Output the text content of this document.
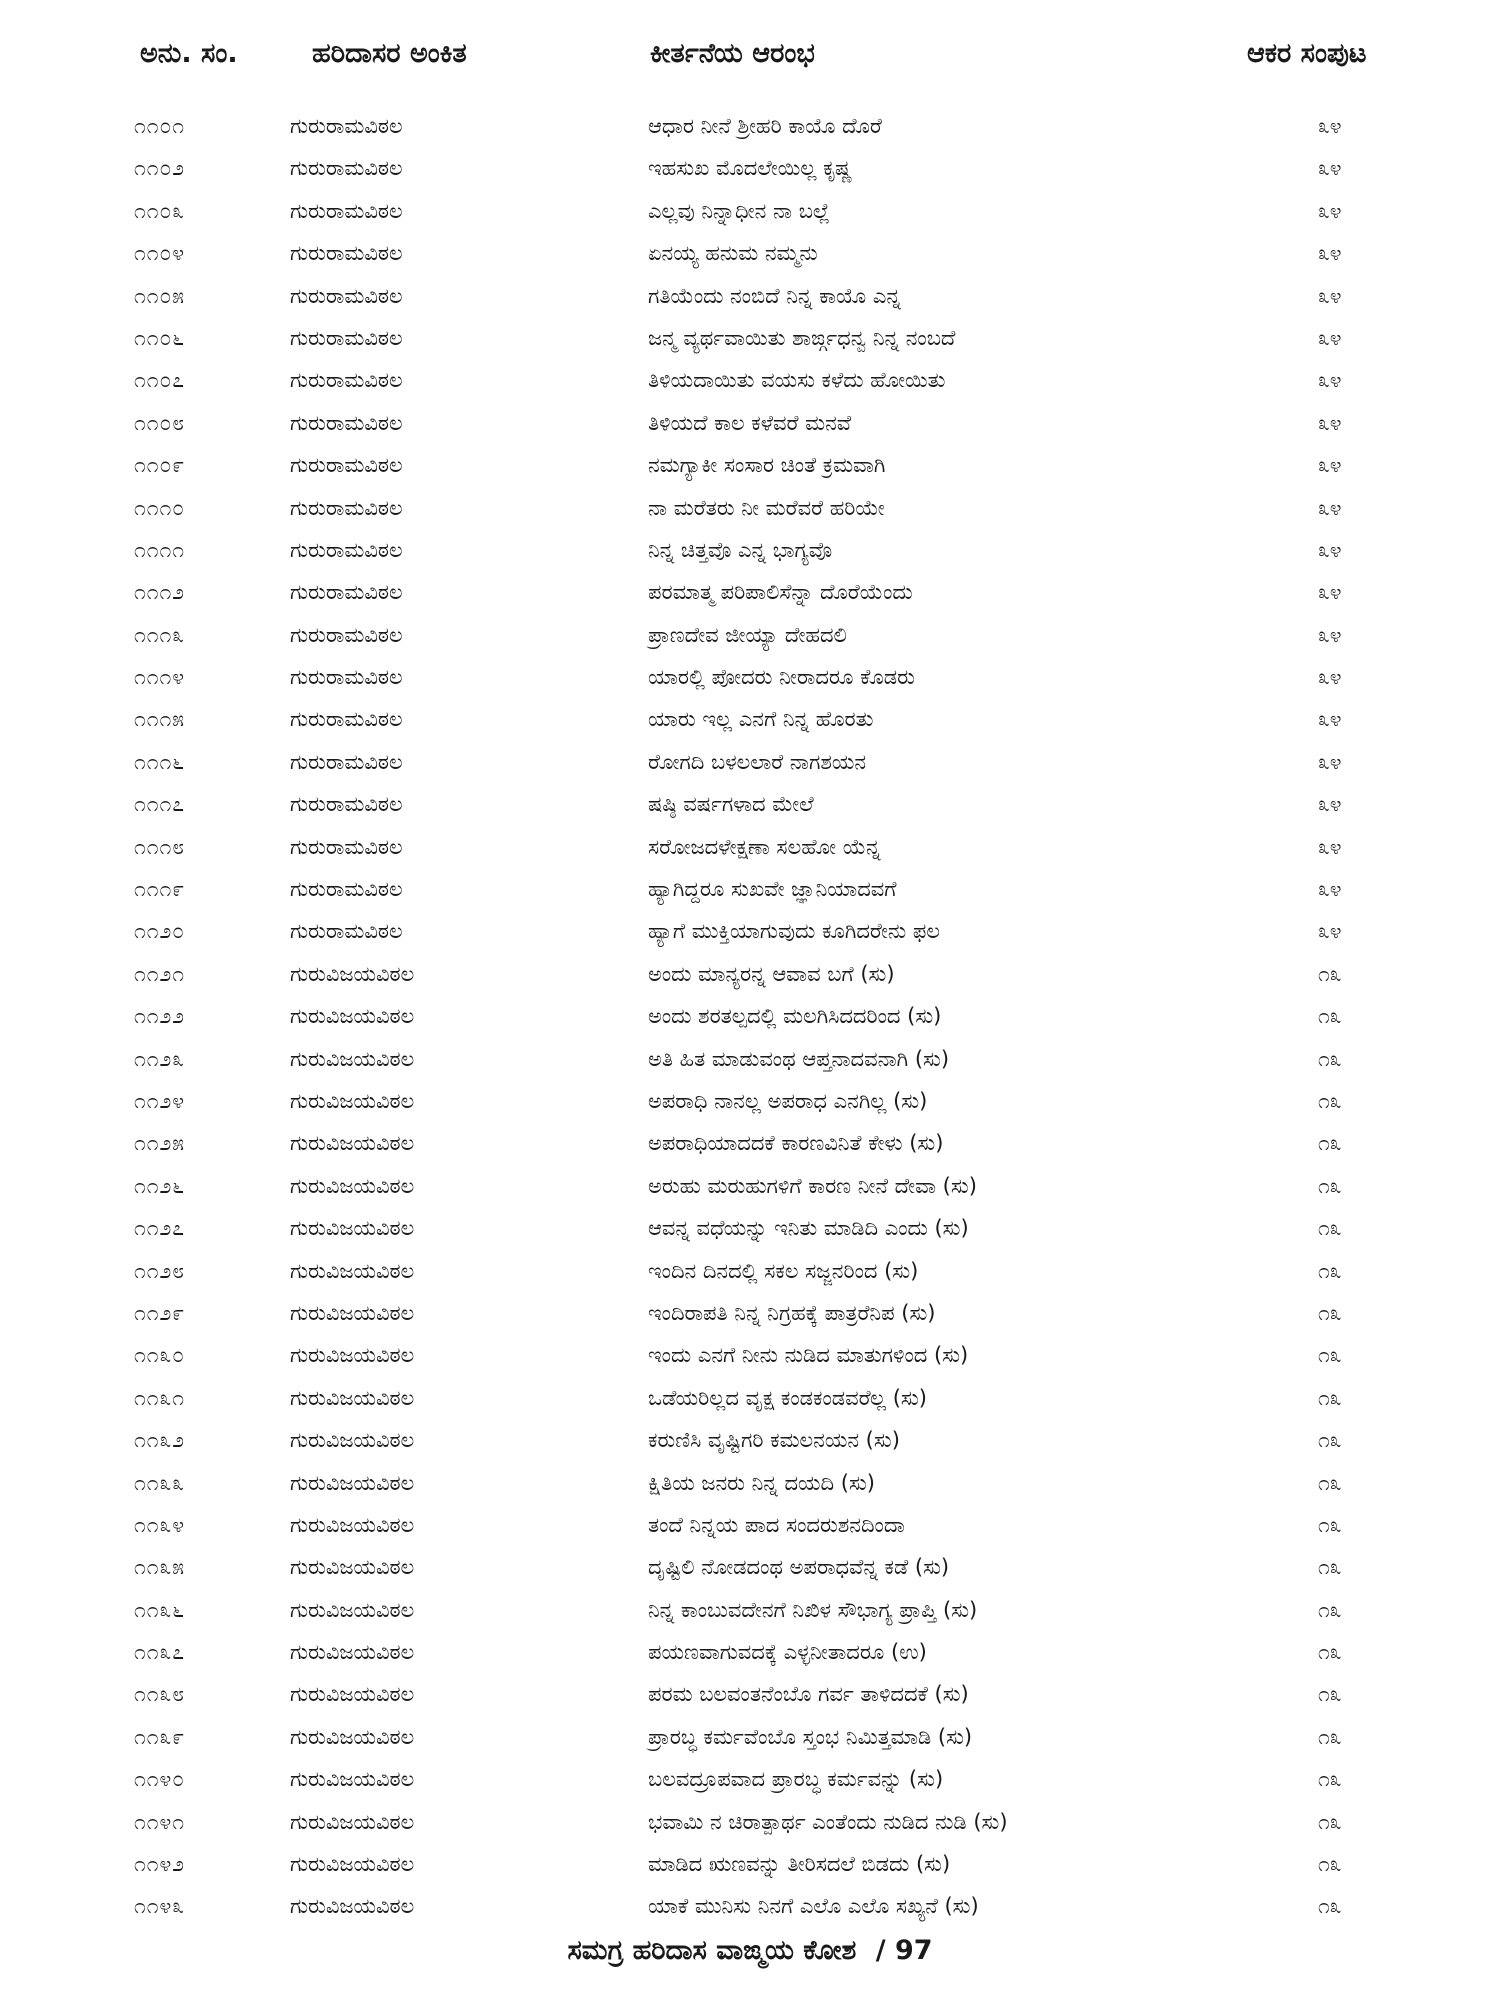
ಅನು. ಸಂ.	ಹರಿದಾಸರ ಅಂಕಿತ	ಕೀರ್ತನೆಯ ಆರಂಭ	ಆಕರ ಸಂಪುಟ
೧೧೦೧	ಗುರುರಾಮವಿಠಲ	ಆಧಾರ ನೀನೆ ಶ್ರೀಹರಿ ಕಾಯೊ ದೊರೆ	೩೪
೧೧೦೨	ಗುರುರಾಮವಿಠಲ	ಇಹಸುಖ ಮೊದಲೇಯಿಲ್ಲ ಕೃಷ್ಣ	೩೪
೧೧೦೩	ಗುರುರಾಮವಿಠಲ	ಎಲ್ಲವು ನಿನ್ನಾಧೀನ ನಾ ಬಲ್ಲೆ	೩೪
೧೧೦೪	ಗುರುರಾಮವಿಠಲ	ಏನಯ್ಯ ಹನುಮ ನಮ್ಮನು	೩೪
೧೧೦೫	ಗುರುರಾಮವಿಠಲ	ಗತಿಯೆಂದು ನಂಬಿದೆ ನಿನ್ನ ಕಾಯೊ ಎನ್ನ	೩೪
೧೧೦೬	ಗುರುರಾಮವಿಠಲ	ಜನ್ಮ ವ್ಯರ್ಥವಾಯಿತು ಶಾರ್ಙ್ಗಧನ್ವ ನಿನ್ನ ನಂಬದೆ	೩೪
೧೧೦೭	ಗುರುರಾಮವಿಠಲ	ತಿಳಿಯದಾಯಿತು ವಯಸು ಕಳೆದು ಹೋಯಿತು	೩೪
೧೧೦೮	ಗುರುರಾಮವಿಠಲ	ತಿಳಿಯದೆ ಕಾಲ ಕಳೆವರೆ ಮನವೆ	೩೪
೧೧೦೯	ಗುರುರಾಮವಿಠಲ	ನಮಗ್ಯಾಕೀ ಸಂಸಾರ ಚಿಂತೆ ಕ್ರಮವಾಗಿ	೩೪
೧೧೧೦	ಗುರುರಾಮವಿಠಲ	ನಾ ಮರೆತರು ನೀ ಮರೆವರೆ ಹರಿಯೇ	೩೪
೧೧೧೧	ಗುರುರಾಮವಿಠಲ	ನಿನ್ನ ಚಿತ್ತವೊ ಎನ್ನ ಭಾಗ್ಯವೊ	೩೪
೧೧೧೨	ಗುರುರಾಮವಿಠಲ	ಪರಮಾತ್ಮ ಪರಿಪಾಲಿಸೆನ್ನಾ ದೊರೆಯೆಂದು	೩೪
೧೧೧೩	ಗುರುರಾಮವಿಠಲ	ಪ್ರಾಣದೇವ ಜೀಯ್ಯಾ ದೇಹದಲಿ	೩೪
೧೧೧೪	ಗುರುರಾಮವಿಠಲ	ಯಾರಲ್ಲಿ ಪೋದರು ನೀರಾದರೂ ಕೊಡರು	೩೪
೧೧೧೫	ಗುರುರಾಮವಿಠಲ	ಯಾರು ಇಲ್ಲ ಎನಗೆ ನಿನ್ನ ಹೊರತು	೩೪
೧೧೧೬	ಗುರುರಾಮವಿಠಲ	ರೋಗದಿ ಬಳಲಲಾರೆ ನಾಗಶಯನ	೩೪
೧೧೧೭	ಗುರುರಾಮವಿಠಲ	ಷಷ್ಠಿ ವರ್ಷಗಳಾದ ಮೇಲೆ	೩೪
೧೧೧೮	ಗುರುರಾಮವಿಠಲ	ಸರೋಜದಳೇಕ್ಷಣಾ ಸಲಹೋ ಯೆನ್ನ	೩೪
೧೧೧೯	ಗುರುರಾಮವಿಠಲ	ಹ್ಯಾಗಿದ್ದರೂ ಸುಖವೇ ಜ್ಞಾನಿಯಾದವಗೆ	೩೪
೧೧೨೦	ಗುರುರಾಮವಿಠಲ	ಹ್ಯಾಗೆ ಮುಕ್ತಿಯಾಗುವುದು ಕೂಗಿದರೇನು ಫಲ	೩೪
೧೧೨೧	ಗುರುವಿಜಯವಿಠಲ	ಅಂದು ಮಾನ್ಯರನ್ನ ಆವಾವ ಬಗೆ (ಸು)	೧೩
೧೧೨೨	ಗುರುವಿಜಯವಿಠಲ	ಅಂದು ಶರತಲ್ಪದಲ್ಲಿ ಮಲಗಿಸಿದದರಿಂದ (ಸು)	೧೩
೧೧೨೩	ಗುರುವಿಜಯವಿಠಲ	ಅತಿ ಹಿತ ಮಾಡುವಂಥ ಆಪ್ತನಾದವನಾಗಿ (ಸು)	೧೩
೧೧೨೪	ಗುರುವಿಜಯವಿಠಲ	ಅಪರಾಧಿ ನಾನಲ್ಲ ಅಪರಾಧ ಎನಗಿಲ್ಲ (ಸು)	೧೩
೧೧೨೫	ಗುರುವಿಜಯವಿಠಲ	ಅಪರಾಧಿಯಾದದಕೆ ಕಾರಣವಿನಿತೆ ಕೇಳು (ಸು)	೧೩
೧೧೨೬	ಗುರುವಿಜಯವಿಠಲ	ಅರುಹು ಮರುಹುಗಳಿಗೆ ಕಾರಣ ನೀನೆ ದೇವಾ (ಸು)	೧೩
೧೧೨೭	ಗುರುವಿಜಯವಿಠಲ	ಆವನ್ನ ವಧೆಯನ್ನು ಇನಿತು ಮಾಡಿದಿ ಎಂದು (ಸು)	೧೩
೧೧೨೮	ಗುರುವಿಜಯವಿಠಲ	ಇಂದಿನ ದಿನದಲ್ಲಿ ಸಕಲ ಸಜ್ಜನರಿಂದ (ಸು)	೧೩
೧೧೨೯	ಗುರುವಿಜಯವಿಠಲ	ಇಂದಿರಾಪತಿ ನಿನ್ನ ನಿಗ್ರಹಕ್ಕೆ ಪಾತ್ರರೆನಿಪ (ಸು)	೧೩
೧೧೩೦	ಗುರುವಿಜಯವಿಠಲ	ಇಂದು ಎನಗೆ ನೀನು ನುಡಿದ ಮಾತುಗಳಿಂದ (ಸು)	೧೩
೧೧೩೧	ಗುರುವಿಜಯವಿಠಲ	ಒಡೆಯರಿಲ್ಲದ ವೃಕ್ಷ ಕಂಡಕಂಡವರೆಲ್ಲ (ಸು)	೧೩
೧೧೩೨	ಗುರುವಿಜಯವಿಠಲ	ಕರುಣಿಸಿ ವೃಷ್ಟಿಗರಿ ಕಮಲನಯನ (ಸು)	೧೩
೧೧೩೩	ಗುರುವಿಜಯವಿಠಲ	ಕ್ಷಿತಿಯ ಜನರು ನಿನ್ನ ದಯದಿ (ಸು)	೧೩
೧೧೩೪	ಗುರುವಿಜಯವಿಠಲ	ತಂದೆ ನಿನ್ನಯ ಪಾದ ಸಂದರುಶನದಿಂದಾ	೧೩
೧೧೩೫	ಗುರುವಿಜಯವಿಠಲ	ದೃಷ್ಟಿಲಿ ನೋಡದಂಥ ಅಪರಾಧವೆನ್ನ ಕಡೆ (ಸು)	೧೩
೧೧೩೬	ಗುರುವಿಜಯವಿಠಲ	ನಿನ್ನ ಕಾಂಬುವದೇನಗೆ ನಿಖಿಳ ಸೌಭಾಗ್ಯ ಪ್ರಾಪ್ತಿ (ಸು)	೧೩
೧೧೩೭	ಗುರುವಿಜಯವಿಠಲ	ಪಯಣವಾಗುವದಕ್ಕೆ ಎಳ್ಳನೀತಾದರೂ (ಉ)	೧೩
೧೧೩೮	ಗುರುವಿಜಯವಿಠಲ	ಪರಮ ಬಲವಂತನೆಂಬೊ ಗರ್ವ ತಾಳಿದದಕೆ (ಸು)	೧೩
೧೧೩೯	ಗುರುವಿಜಯವಿಠಲ	ಪ್ರಾರಬ್ಧ ಕರ್ಮವೆಂಬೊ ಸ್ತಂಭ ನಿಮಿತ್ತಮಾಡಿ (ಸು)	೧೩
೧೧೪೦	ಗುರುವಿಜಯವಿಠಲ	ಬಲವದ್ರೂಪವಾದ ಪ್ರಾರಬ್ಧ ಕರ್ಮವನ್ನು (ಸು)	೧೩
೧೧೪೧	ಗುರುವಿಜಯವಿಠಲ	ಭವಾಮಿ ನ ಚಿರಾತ್ಪಾರ್ಥ ಎಂತೆಂದು ನುಡಿದ ನುಡಿ (ಸು)	೧೩
೧೧೪೨	ಗುರುವಿಜಯವಿಠಲ	ಮಾಡಿದ ಋಣವನ್ನು ತೀರಿಸದಲೆ ಬಿಡದು (ಸು)	೧೩
೧೧೪೩	ಗುರುವಿಜಯವಿಠಲ	ಯಾಕೆ ಮುನಿಸು ನಿನಗೆ ಎಲೊ ಎಲೊ ಸಖ್ಯನೆ (ಸು)	೧೩
ಸಮಗ್ರ ಹರಿದಾಸ ವಾಙ್ಮಯ ಕೋಶ / 97
